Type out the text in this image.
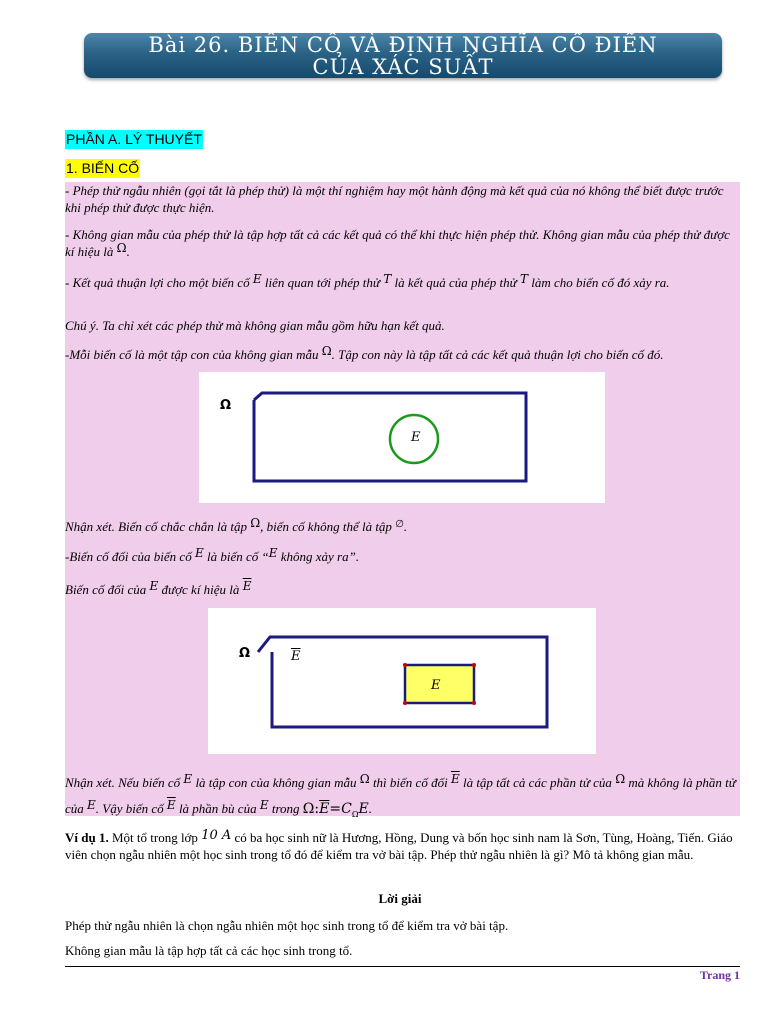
Bài 26. BIẾN CỐ VÀ ĐỊNH NGHĨA CỔ ĐIỂN
CỦA XÁC SUẤT
PHẦN A. LÝ THUYẾT
1. BIẾN CỐ
- Phép thử ngẫu nhiên (gọi tắt là phép thử) là một thí nghiệm hay một hành động mà kết quả của nó không thể biết được trước khi phép thử được thực hiện.
- Không gian mẫu của phép thử là tập hợp tất cả các kết quả có thể khi thực hiện phép thử. Không gian mẫu của phép thử được kí hiệu là Ω.
- Kết quả thuận lợi cho một biến cố E liên quan tới phép thử T là kết quả của phép thử T làm cho biến cố đó xảy ra.
Chú ý. Ta chỉ xét các phép thử mà không gian mẫu gồm hữu hạn kết quả.
-Mỗi biến cố là một tập con của không gian mẫu Ω. Tập con này là tập tất cả các kết quả thuận lợi cho biến cố đó.
Ω
E
Nhận xét. Biến cố chắc chắn là tập Ω, biến cố không thể là tập ∅.
-Biến cố đối của biến cố E là biến cố “E không xảy ra”.
Biến cố đối của E được kí hiệu là $\overline{E}$
Ω	$\overline{E}$
E
Nhận xét. Nếu biến cố E là tập con của không gian mẫu Ω thì biến cố đối $\overline{E}$ là tập tất cả các phần tử của Ω mà không là phần tử của E. Vậy biến cố $\overline{E}$ là phần bù của E trong $\Omega:\overline{E}=C_\Omega E$.
Ví dụ 1. Một tổ trong lớp 10 A có ba học sinh nữ là Hương, Hồng, Dung và bốn học sinh nam là Sơn, Tùng, Hoàng, Tiến. Giáo viên chọn ngẫu nhiên một học sinh trong tổ đó để kiểm tra vở bài tập. Phép thử ngẫu nhiên là gì? Mô tả không gian mẫu.
Lời giải
Phép thử ngẫu nhiên là chọn ngẫu nhiên một học sinh trong tổ để kiểm tra vở bài tập.
Không gian mẫu là tập hợp tất cả các học sinh trong tổ.
Trang 1
